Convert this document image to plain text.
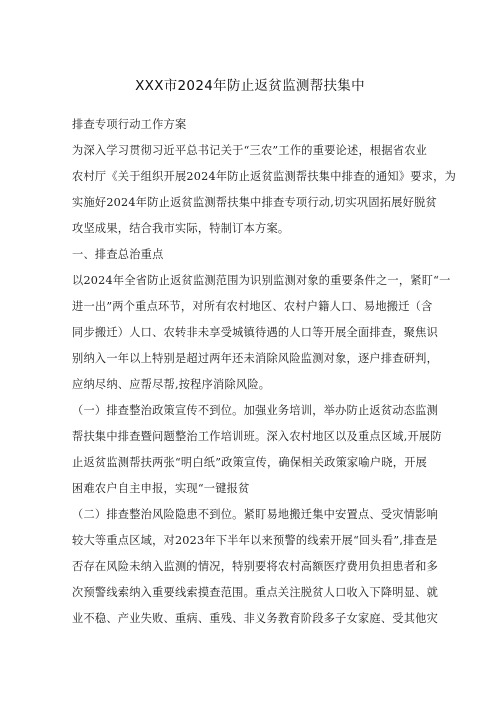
XXX市2024年防止返贫监测帮扶集中
排查专项行动工作方案
为深入学习贯彻习近平总书记关于“三农”工作的重要论述，根据省农业
农村厅《关于组织开展2024年防止返贫监测帮扶集中排查的通知》要求，为
实施好2024年防止返贫监测帮扶集中排查专项行动,切实巩固拓展好脱贫
攻坚成果，结合我市实际，特制订本方案。
一、排查总治重点
以2024年全省防止返贫监测范围为识别监测对象的重要条件之一，紧盯“一
进一出”两个重点环节，对所有农村地区、农村户籍人口、易地搬迁（含
同步搬迁）人口、农转非未享受城镇待遇的人口等开展全面排查，聚焦识
别纳入一年以上特别是超过两年还未消除风险监测对象，逐户排查研判，
应纳尽纳、应帮尽帮,按程序消除风险。
（一）排查整治政策宣传不到位。加强业务培训，举办防止返贫动态监测
帮扶集中排查暨问题整治工作培训班。深入农村地区以及重点区域,开展防
止返贫监测帮扶两张“明白纸”政策宣传，确保相关政策家喻户晓，开展
困难农户自主申报，实现“一键报贫
（二）排查整治风险隐患不到位。紧盯易地搬迁集中安置点、受灾情影响
较大等重点区域，对2023年下半年以来预警的线索开展“回头看”,排查是
否存在风险未纳入监测的情况，特别要将农村高额医疗费用负担患者和多
次预警线索纳入重要线索摸查范围。重点关注脱贫人口收入下降明显、就
业不稳、产业失败、重病、重残、非义务教育阶段多子女家庭、受其他灾
